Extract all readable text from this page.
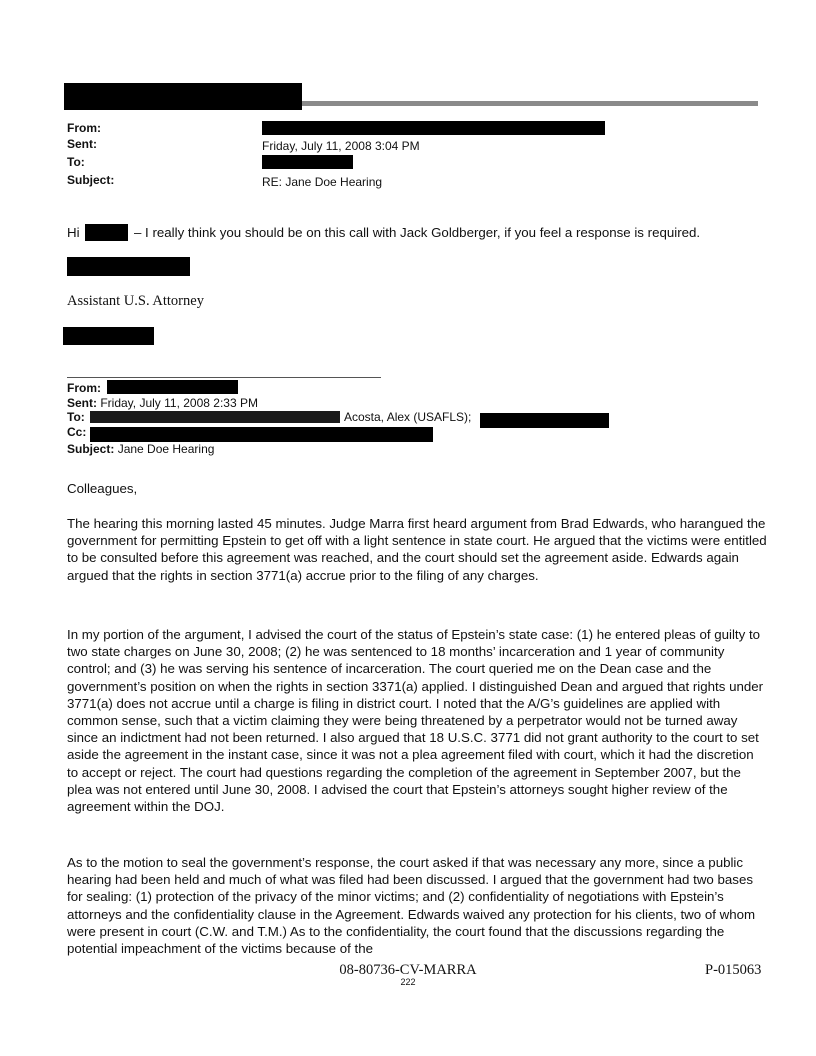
From:
Sent:
To:
Subject:
Friday, July 11, 2008 3:04 PM
RE: Jane Doe Hearing
Hi	– I really think you should be on this call with Jack Goldberger, if you feel a response is required.
Assistant U.S. Attorney
From:
Sent: Friday, July 11, 2008 2:33 PM
To:	Acosta, Alex (USAFLS);
Cc:
Subject: Jane Doe Hearing
Colleagues,

The hearing this morning lasted 45 minutes. Judge Marra first heard argument from Brad Edwards, who harangued the government for permitting Epstein to get off with a light sentence in state court. He argued that the victims were entitled to be consulted before this agreement was reached, and the court should set the agreement aside. Edwards again argued that the rights in section 3771(a) accrue prior to the filing of any charges.

In my portion of the argument, I advised the court of the status of Epstein’s state case: (1) he entered pleas of guilty to two state charges on June 30, 2008; (2) he was sentenced to 18 months’ incarceration and 1 year of community control; and (3) he was serving his sentence of incarceration. The court queried me on the Dean case and the government’s position on when the rights in section 3371(a) applied. I distinguished Dean and argued that rights under 3771(a) does not accrue until a charge is filing in district court. I noted that the A/G’s guidelines are applied with common sense, such that a victim claiming they were being threatened by a perpetrator would not be turned away since an indictment had not been returned. I also argued that 18 U.S.C. 3771 did not grant authority to the court to set aside the agreement in the instant case, since it was not a plea agreement filed with court, which it had the discretion to accept or reject. The court had questions regarding the completion of the agreement in September 2007, but the plea was not entered until June 30, 2008. I advised the court that Epstein’s attorneys sought higher review of the agreement within the DOJ.

As to the motion to seal the government’s response, the court asked if that was necessary any more, since a public hearing had been held and much of what was filed had been discussed. I argued that the government had two bases for sealing: (1) protection of the privacy of the minor victims; and (2) confidentiality of negotiations with Epstein’s attorneys and the confidentiality clause in the Agreement. Edwards waived any protection for his clients, two of whom were present in court (C.W. and T.M.) As to the confidentiality, the court found that the discussions regarding the potential impeachment of the victims because of the

08-80736-CV-MARRA
222
P-015063
